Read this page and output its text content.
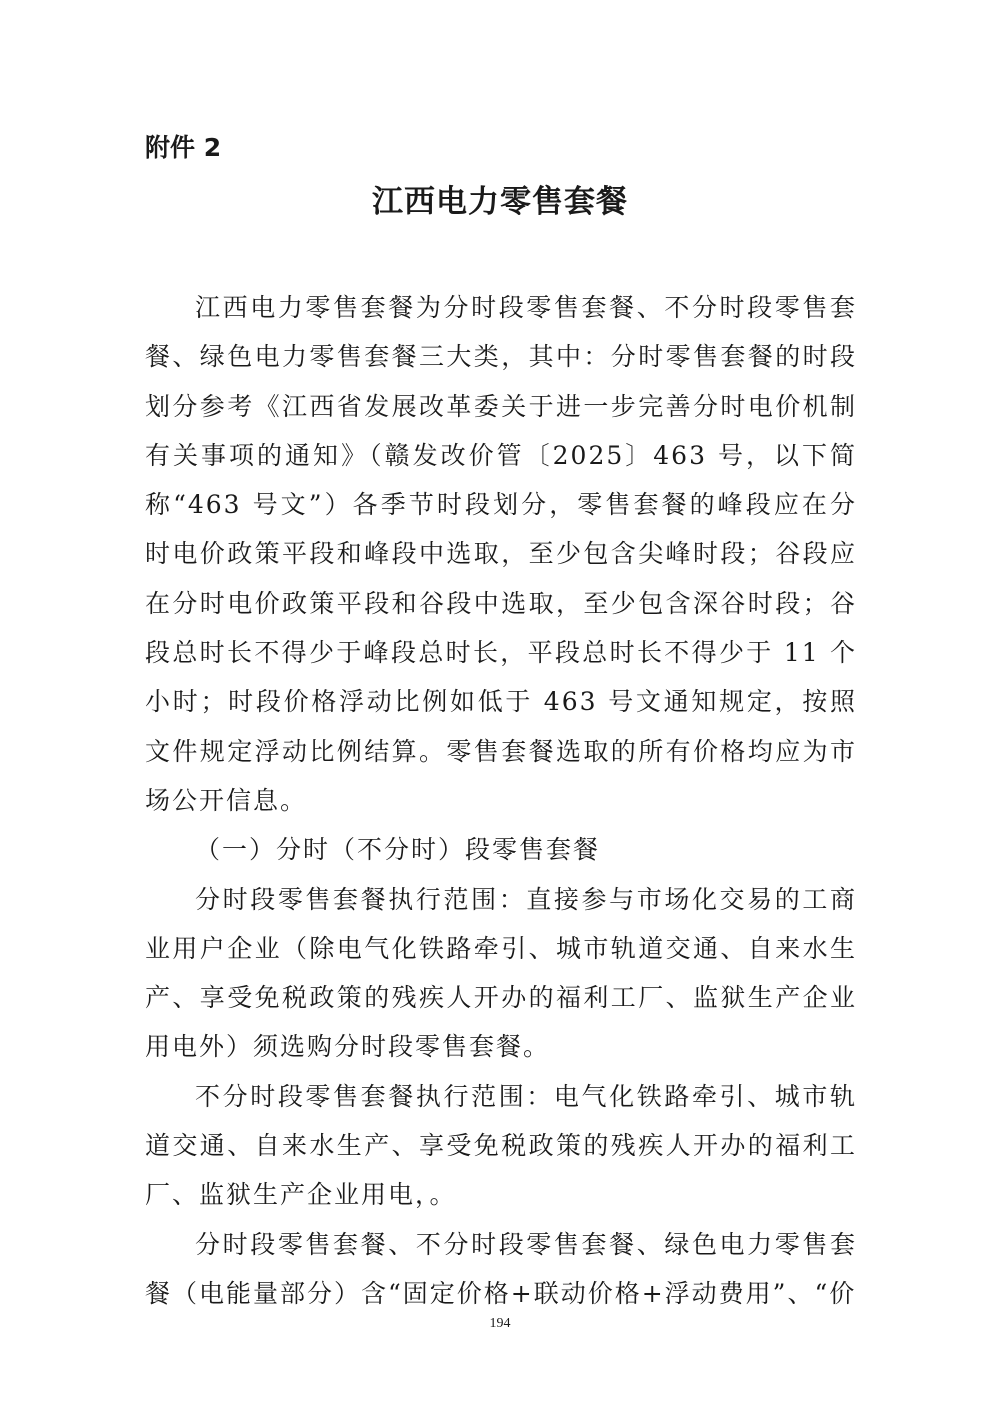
附件 2

江西电力零售套餐

江西电力零售套餐为分时段零售套餐、不分时段零售套餐、绿色电力零售套餐三大类，其中：分时零售套餐的时段划分参考《江西省发展改革委关于进一步完善分时电价机制有关事项的通知》（赣发改价管〔2025〕463 号，以下简称“463 号文”）各季节时段划分，零售套餐的峰段应在分时电价政策平段和峰段中选取，至少包含尖峰时段；谷段应在分时电价政策平段和谷段中选取，至少包含深谷时段；谷段总时长不得少于峰段总时长，平段总时长不得少于 11 个小时；时段价格浮动比例如低于 463 号文通知规定，按照文件规定浮动比例结算。零售套餐选取的所有价格均应为市场公开信息。

（一）分时（不分时）段零售套餐

分时段零售套餐执行范围：直接参与市场化交易的工商业用户企业（除电气化铁路牵引、城市轨道交通、自来水生产、享受免税政策的残疾人开办的福利工厂、监狱生产企业用电外）须选购分时段零售套餐。

不分时段零售套餐执行范围：电气化铁路牵引、城市轨道交通、自来水生产、享受免税政策的残疾人开办的福利工厂、监狱生产企业用电，。

分时段零售套餐、不分时段零售套餐、绿色电力零售套餐（电能量部分）含“固定价格+联动价格+浮动费用”、“价

194
